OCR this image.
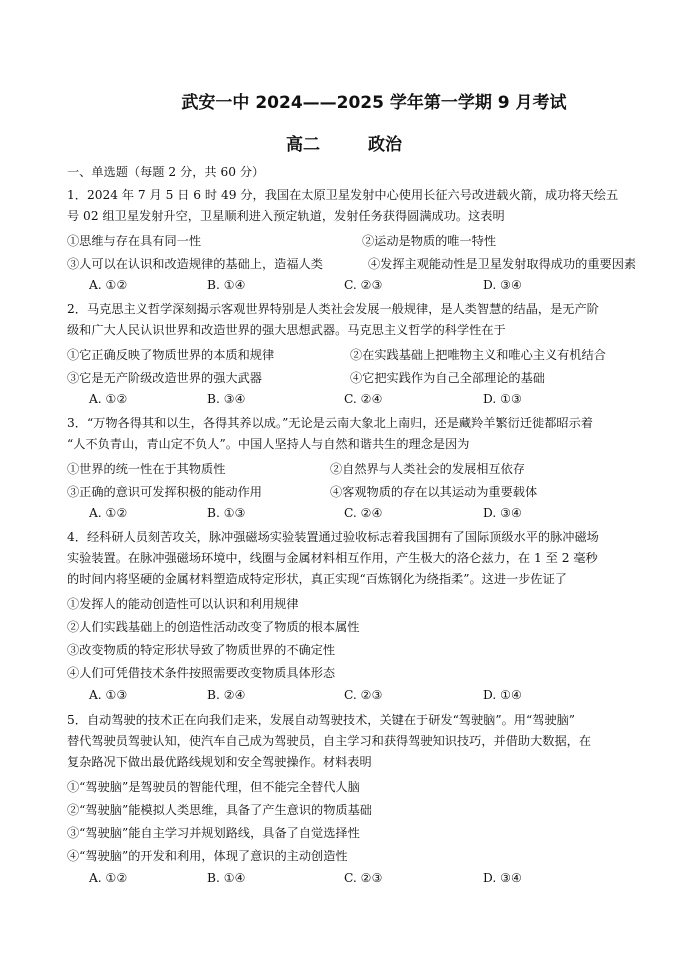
武安一中 2024——2025 学年第一学期 9 月考试
高二	政治
一、单选题（每题 2 分，共 60 分）
1．2024 年 7 月 5 日 6 时 49 分，我国在太原卫星发射中心使用长征六号改进载火箭，成功将天绘五
号 02 组卫星发射升空，卫星顺利进入预定轨道，发射任务获得圆满成功。这表明
①思维与存在具有同一性	②运动是物质的唯一特性
③人可以在认识和改造规律的基础上，造福人类	④发挥主观能动性是卫星发射取得成功的重要因素
A. ①②	B. ①④	C. ②③	D. ③④
2．马克思主义哲学深刻揭示客观世界特别是人类社会发展一般规律，是人类智慧的结晶，是无产阶
级和广大人民认识世界和改造世界的强大思想武器。马克思主义哲学的科学性在于
①它正确反映了物质世界的本质和规律	②在实践基础上把唯物主义和唯心主义有机结合
③它是无产阶级改造世界的强大武器	④它把实践作为自己全部理论的基础
A. ①②	B. ③④	C. ②④	D. ①③
3．“万物各得其和以生，各得其养以成。”无论是云南大象北上南归，还是藏羚羊繁衍迁徙都昭示着
“人不负青山，青山定不负人”。中国人坚持人与自然和谐共生的理念是因为
①世界的统一性在于其物质性	②自然界与人类社会的发展相互依存
③正确的意识可发挥积极的能动作用	④客观物质的存在以其运动为重要载体
A. ①②	B. ①③	C. ②④	D. ③④
4．经科研人员刻苦攻关，脉冲强磁场实验装置通过验收标志着我国拥有了国际顶级水平的脉冲磁场
实验装置。在脉冲强磁场环境中，线圈与金属材料相互作用，产生极大的洛仑兹力，在 1 至 2 毫秒
的时间内将坚硬的金属材料塑造成特定形状，真正实现“百炼钢化为绕指柔”。这进一步佐证了
①发挥人的能动创造性可以认识和利用规律
②人们实践基础上的创造性活动改变了物质的根本属性
③改变物质的特定形状导致了物质世界的不确定性
④人们可凭借技术条件按照需要改变物质具体形态
A. ①③	B. ②④	C. ②③	D. ①④
5．自动驾驶的技术正在向我们走来，发展自动驾驶技术，关键在于研发“驾驶脑”。用“驾驶脑”
替代驾驶员驾驶认知，使汽车自己成为驾驶员，自主学习和获得驾驶知识技巧，并借助大数据，在
复杂路况下做出最优路线规划和安全驾驶操作。材料表明
①“驾驶脑”是驾驶员的智能代理，但不能完全替代人脑
②“驾驶脑”能模拟人类思维，具备了产生意识的物质基础
③“驾驶脑”能自主学习并规划路线，具备了自觉选择性
④“驾驶脑”的开发和利用，体现了意识的主动创造性
A. ①②	B. ①④	C. ②③	D. ③④
